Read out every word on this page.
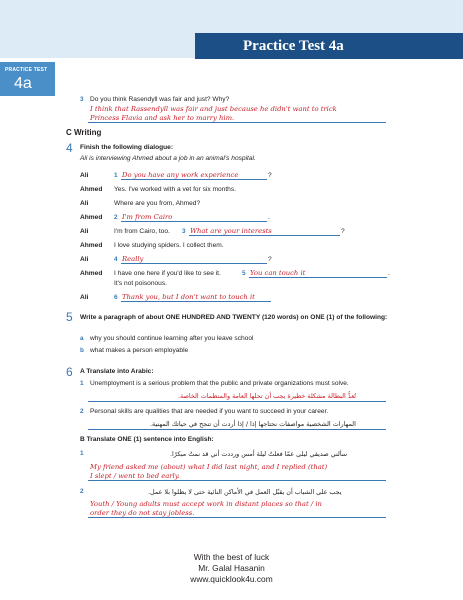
Practice Test 4a
PRACTICE TEST
4a
3 Do you think Rasendyll was fair and just? Why?
I think that Rassendyll was fair and just because he didn't want to trick
Princess Flavia and ask her to marry him.
C Writing
4 Finish the following dialogue:
Ali is interviewing Ahmed about a job in an animal's hospital.
Ali	1 Do you have any work experience	?
Ahmed Yes. I've worked with a vet for six months.
Ali	Where are you from, Ahmed?
Ahmed 2 I'm from Cairo	.
Ali	I'm from Cairo, too. 3 What are your interests	?
Ahmed I love studying spiders. I collect them.
Ali	4 Really	?
Ahmed I have one here if you'd like to see it.	5 You can touch it	.
It's not poisonous.
Ali	6 Thank you, but I don't want to touch it
5 Write a paragraph of about ONE HUNDRED AND TWENTY (120 words) on ONE (1) of the following:
a why you should continue learning after you leave school
b what makes a person employable
6 A Translate into Arabic:
1 Unemployment is a serious problem that the public and private organizations must solve.
تُعدُّ البطالة مشكلة خطيرة يجب أن تحلها العامة والمنظمات الخاصة.
2 Personal skills are qualities that are needed if you want to succeed in your career.
المهارات الشخصية مواصفات نحتاجها إذا / إذا أردت أن تنجح في حياتك المهنية.
B Translate ONE (1) sentence into English:
1	سألني صديقي ليلى عمّا فعلتُ ليلة أمس ورددت أني قد نمتُ مبكرًا.
My friend asked me (about) what I did last night, and I replied (that)
I slept / went to bed early.
2	يجب على الشباب أن يقبّل العمل في الأماكن النائية حتى لا يظلوا بلا عمل.
Youth / Young adults must accept work in distant places so that / in
order they do not stay jobless.
With the best of luck
Mr. Galal Hasanin
www.quicklook4u.com
